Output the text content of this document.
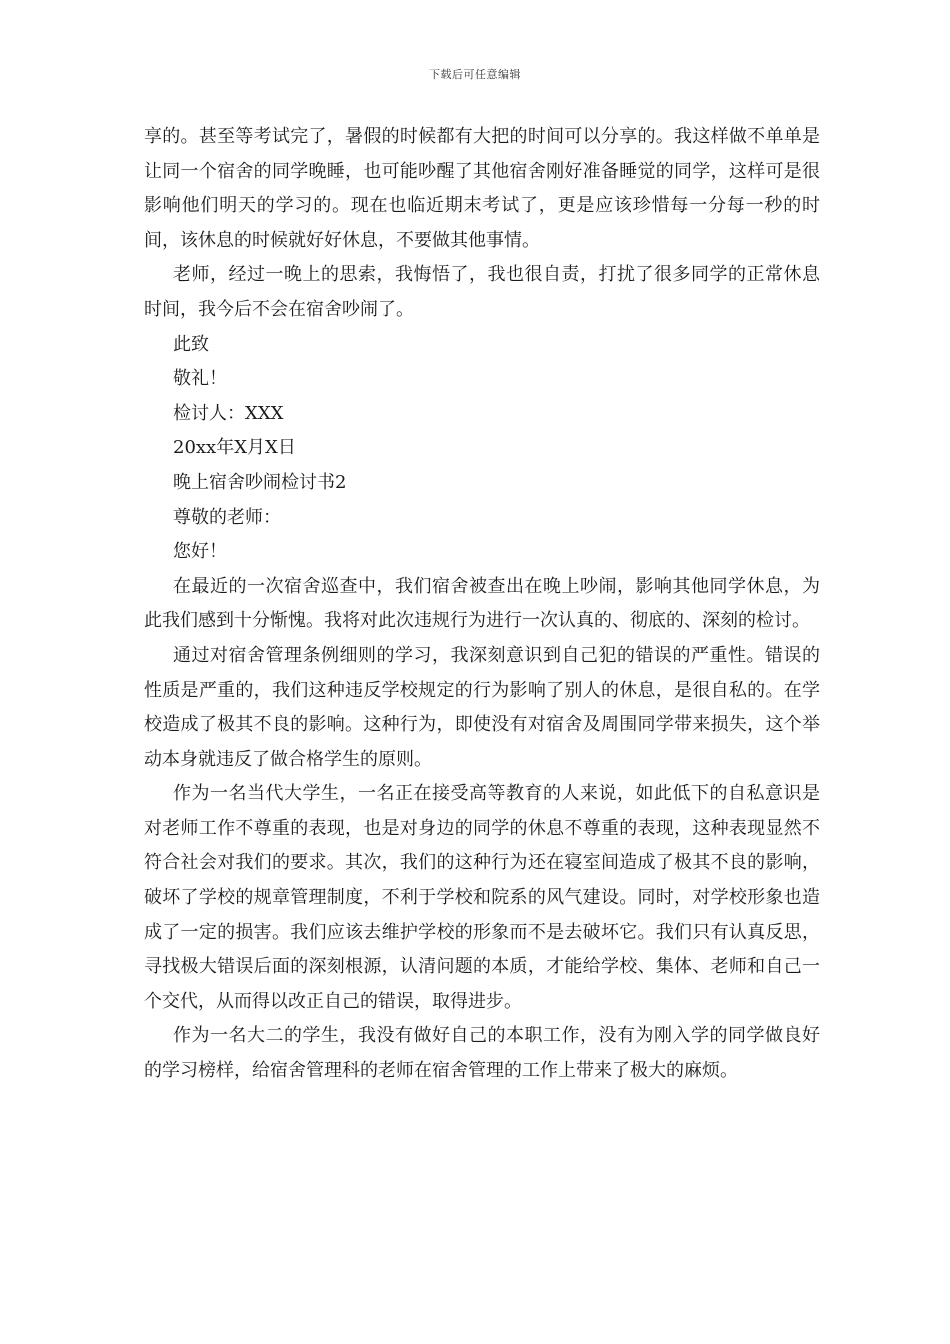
下载后可任意编辑

享的。甚至等考试完了，暑假的时候都有大把的时间可以分享的。我这样做不单单是让同一个宿舍的同学晚睡，也可能吵醒了其他宿舍刚好准备睡觉的同学，这样可是很影响他们明天的学习的。现在也临近期末考试了，更是应该珍惜每一分每一秒的时间，该休息的时候就好好休息，不要做其他事情。

老师，经过一晚上的思索，我悔悟了，我也很自责，打扰了很多同学的正常休息时间，我今后不会在宿舍吵闹了。

此致

敬礼！

检讨人：XXX

20xx年X月X日

晚上宿舍吵闹检讨书2

尊敬的老师：

您好！

在最近的一次宿舍巡查中，我们宿舍被查出在晚上吵闹，影响其他同学休息，为此我们感到十分惭愧。我将对此次违规行为进行一次认真的、彻底的、深刻的检讨。

通过对宿舍管理条例细则的学习，我深刻意识到自己犯的错误的严重性。错误的性质是严重的，我们这种违反学校规定的行为影响了别人的休息，是很自私的。在学校造成了极其不良的影响。这种行为，即使没有对宿舍及周围同学带来损失，这个举动本身就违反了做合格学生的原则。

作为一名当代大学生，一名正在接受高等教育的人来说，如此低下的自私意识是对老师工作不尊重的表现，也是对身边的同学的休息不尊重的表现，这种表现显然不符合社会对我们的要求。其次，我们的这种行为还在寝室间造成了极其不良的影响，破坏了学校的规章管理制度，不利于学校和院系的风气建设。同时，对学校形象也造成了一定的损害。我们应该去维护学校的形象而不是去破坏它。我们只有认真反思，寻找极大错误后面的深刻根源，认清问题的本质，才能给学校、集体、老师和自己一个交代，从而得以改正自己的错误，取得进步。

作为一名大二的学生，我没有做好自己的本职工作，没有为刚入学的同学做良好的学习榜样，给宿舍管理科的老师在宿舍管理的工作上带来了极大的麻烦。
